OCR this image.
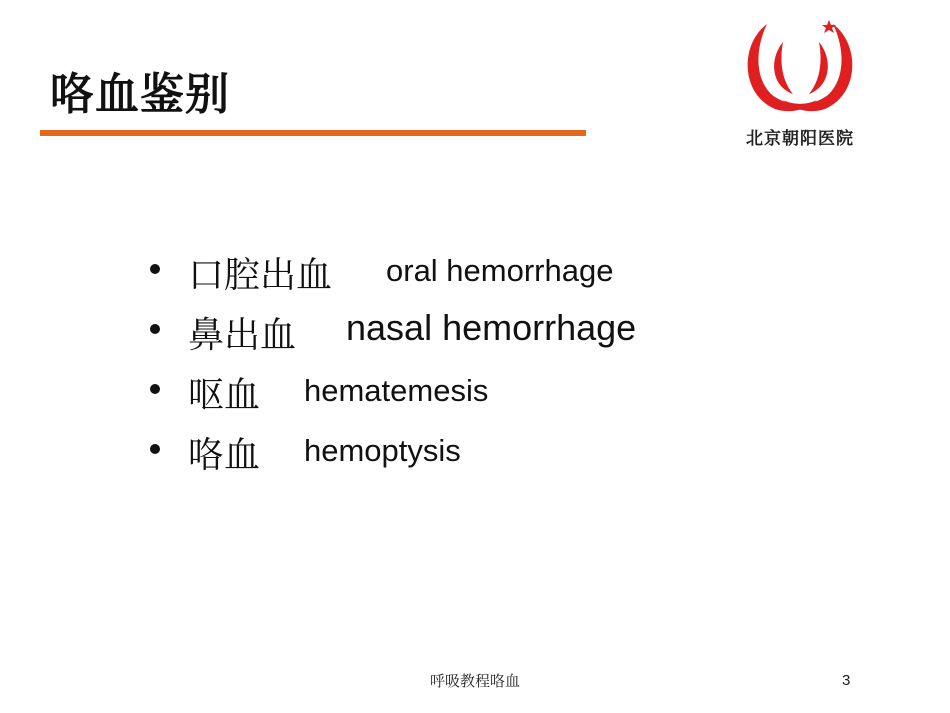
咯血鉴别
北京朝阳医院
口腔出血 oral hemorrhage
鼻出血 nasal hemorrhage
呕血 hematemesis
咯血 hemoptysis
呼吸教程咯血	3
